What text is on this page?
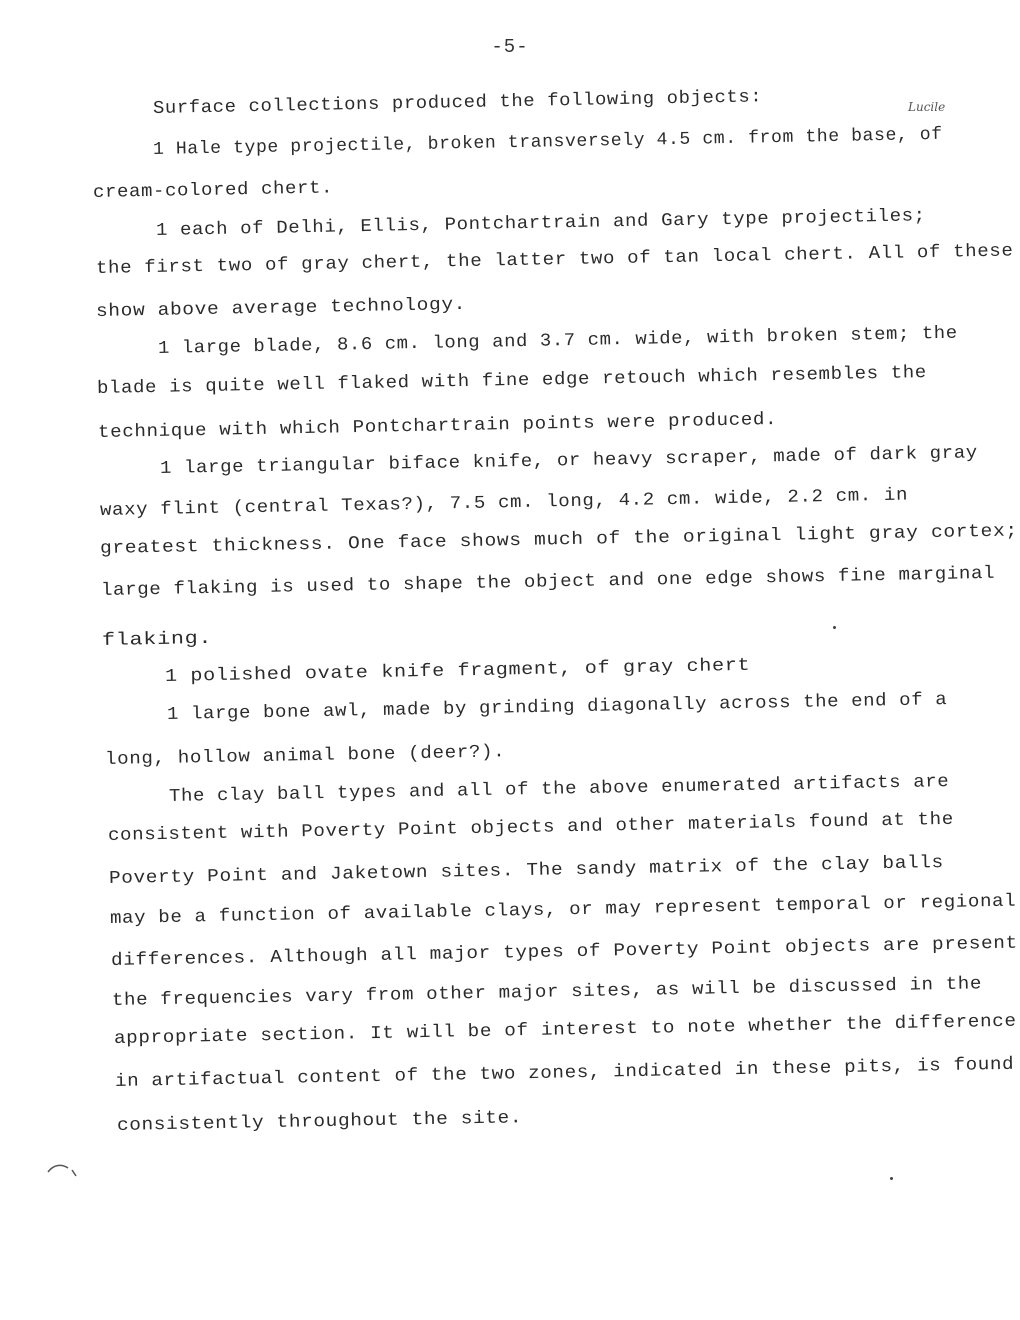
-5-
Lucile
Surface collections produced the following objects:
1 Hale type projectile, broken transversely 4.5 cm. from the base, of
cream-colored chert.
1 each of Delhi, Ellis, Pontchartrain and Gary type projectiles;
the first two of gray chert, the latter two of tan local chert. All of these
show above average technology.
1 large blade, 8.6 cm. long and 3.7 cm. wide, with broken stem; the
blade is quite well flaked with fine edge retouch which resembles the
technique with which Pontchartrain points were produced.
1 large triangular biface knife, or heavy scraper, made of dark gray
waxy flint (central Texas?), 7.5 cm. long, 4.2 cm. wide, 2.2 cm. in
greatest thickness. One face shows much of the original light gray cortex;
large flaking is used to shape the object and one edge shows fine marginal
flaking.
1 polished ovate knife fragment, of gray chert
1 large bone awl, made by grinding diagonally across the end of a
long, hollow animal bone (deer?).
The clay ball types and all of the above enumerated artifacts are
consistent with Poverty Point objects and other materials found at the
Poverty Point and Jaketown sites. The sandy matrix of the clay balls
may be a function of available clays, or may represent temporal or regional
differences. Although all major types of Poverty Point objects are present
the frequencies vary from other major sites, as will be discussed in the
appropriate section. It will be of interest to note whether the difference
in artifactual content of the two zones, indicated in these pits, is found
consistently throughout the site.
